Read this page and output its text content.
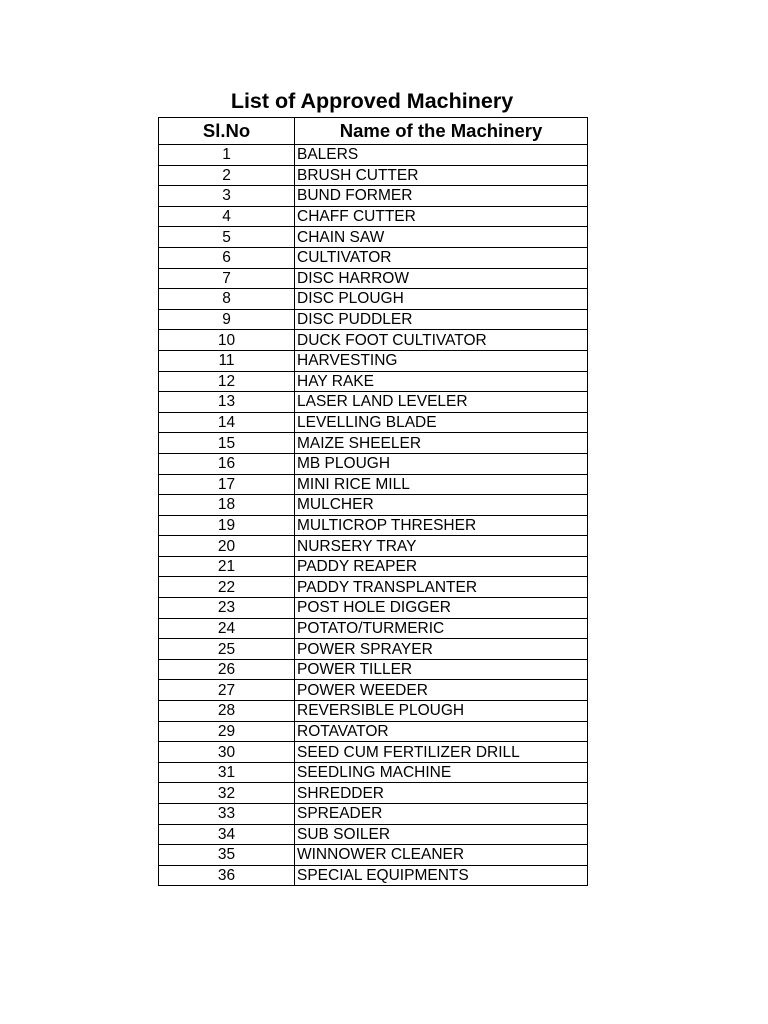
List of Approved Machinery
Sl.No	Name of the Machinery
1	BALERS
2	BRUSH CUTTER
3	BUND FORMER
4	CHAFF CUTTER
5	CHAIN SAW
6	CULTIVATOR
7	DISC HARROW
8	DISC PLOUGH
9	DISC PUDDLER
10	DUCK FOOT CULTIVATOR
11	HARVESTING
12	HAY RAKE
13	LASER LAND LEVELER
14	LEVELLING BLADE
15	MAIZE SHEELER
16	MB PLOUGH
17	MINI RICE MILL
18	MULCHER
19	MULTICROP THRESHER
20	NURSERY TRAY
21	PADDY REAPER
22	PADDY TRANSPLANTER
23	POST HOLE DIGGER
24	POTATO/TURMERIC
25	POWER SPRAYER
26	POWER TILLER
27	POWER WEEDER
28	REVERSIBLE PLOUGH
29	ROTAVATOR
30	SEED CUM FERTILIZER DRILL
31	SEEDLING MACHINE
32	SHREDDER
33	SPREADER
34	SUB SOILER
35	WINNOWER CLEANER
36	SPECIAL EQUIPMENTS
